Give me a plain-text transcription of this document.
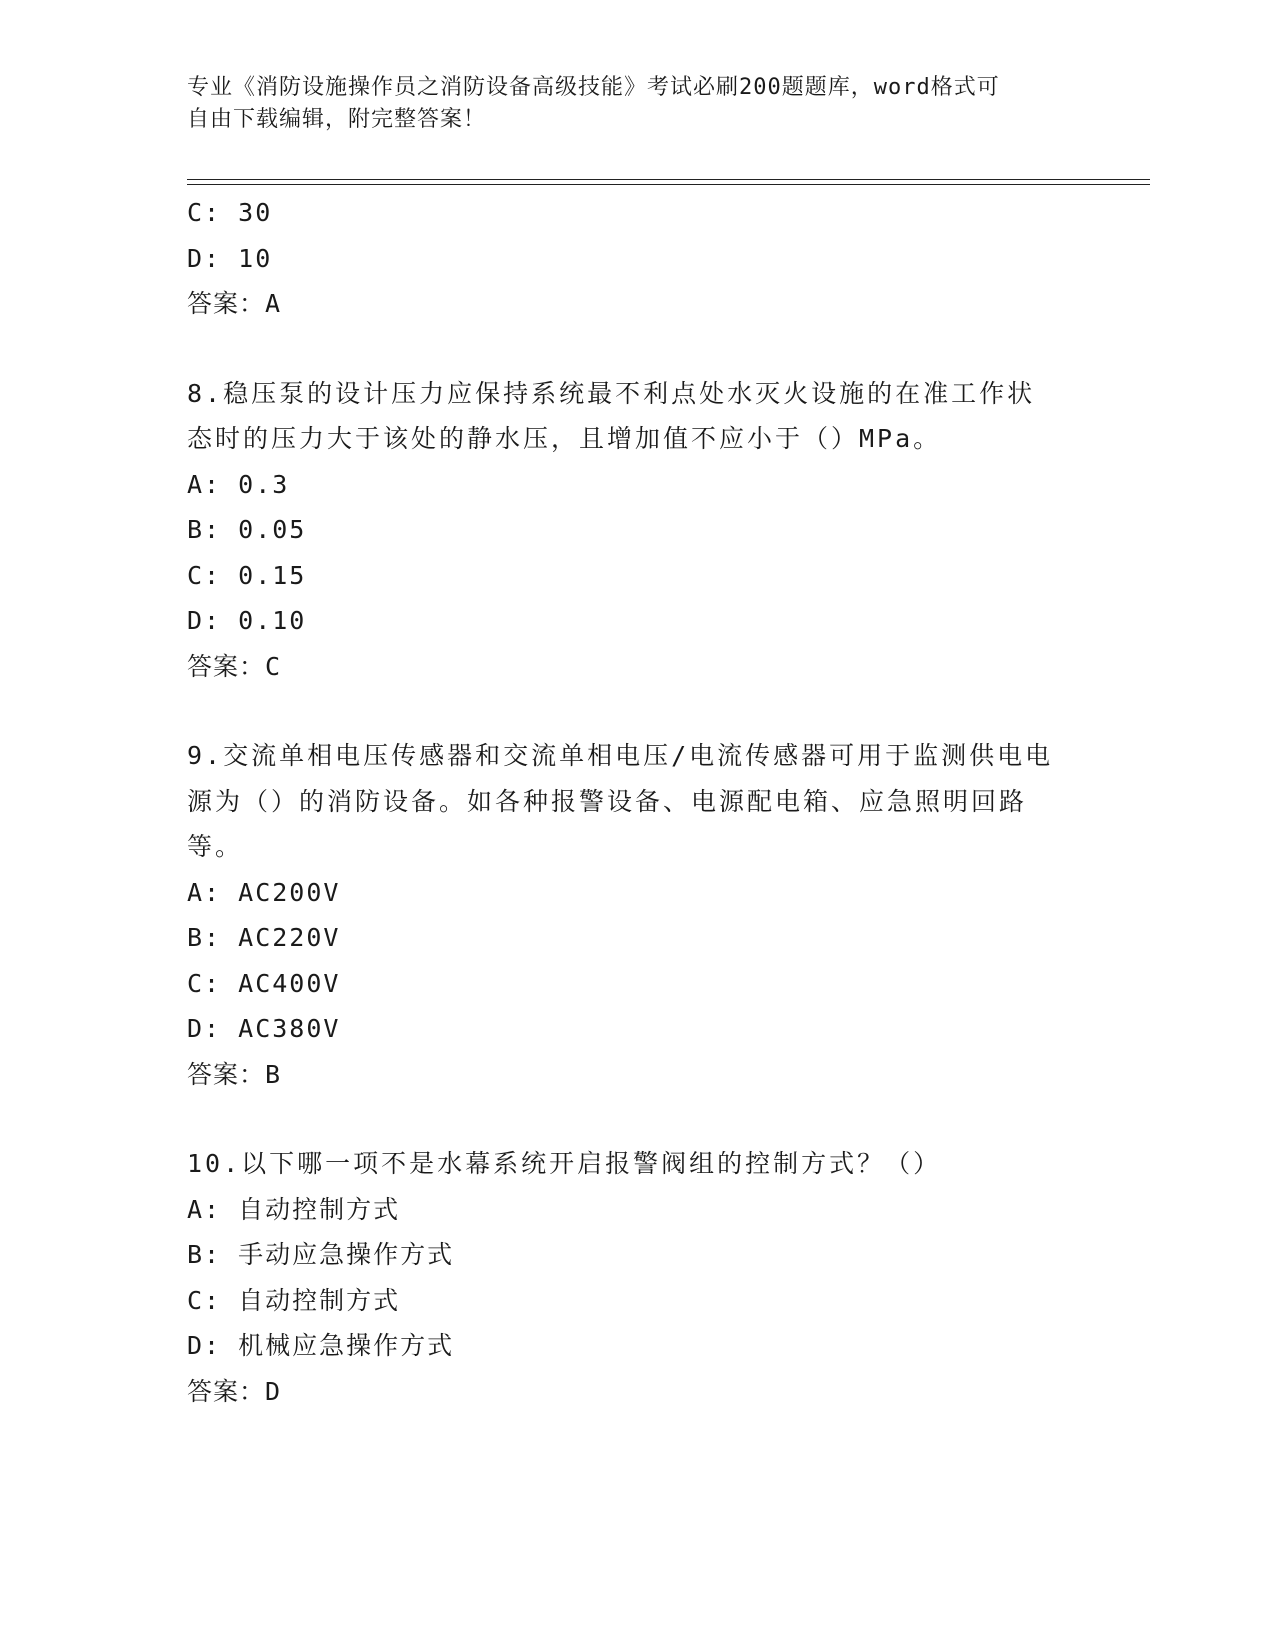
专业《消防设施操作员之消防设备高级技能》考试必刷200题题库，word格式可
自由下载编辑，附完整答案！
C: 30
D: 10
答案：A
8.稳压泵的设计压力应保持系统最不利点处水灭火设施的在准工作状
态时的压力大于该处的静水压，且增加值不应小于（）MPa。
A: 0.3
B: 0.05
C: 0.15
D: 0.10
答案：C
9.交流单相电压传感器和交流单相电压/电流传感器可用于监测供电电
源为（）的消防设备。如各种报警设备、电源配电箱、应急照明回路
等。
A: AC200V
B: AC220V
C: AC400V
D: AC380V
答案：B
10.以下哪一项不是水幕系统开启报警阀组的控制方式？（）
A: 自动控制方式
B: 手动应急操作方式
C: 自动控制方式
D: 机械应急操作方式
答案：D
